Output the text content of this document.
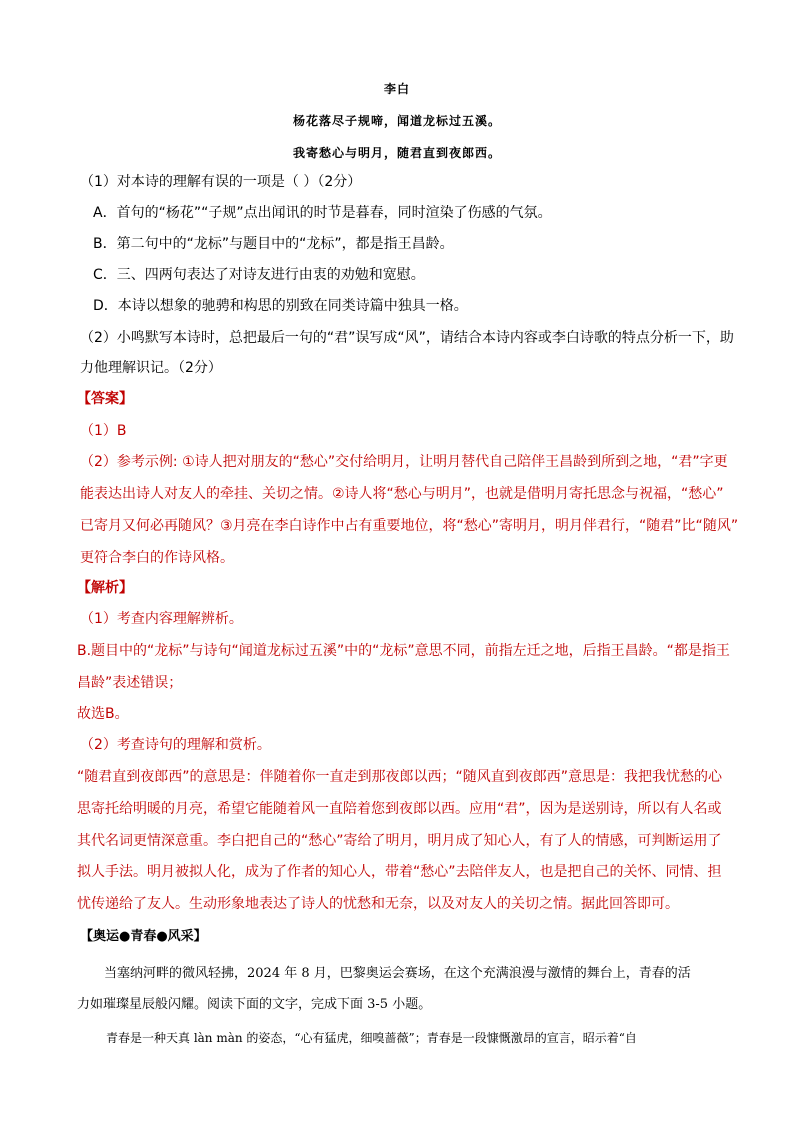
李白
杨花落尽子规啼，闻道龙标过五溪。
我寄愁心与明月，随君直到夜郎西。
（1）对本诗的理解有误的一项是（ ）（2分）
A．首句的“杨花”“子规”点出闻讯的时节是暮春，同时渲染了伤感的气氛。
B．第二句中的“龙标”与题目中的“龙标”，都是指王昌龄。
C．三、四两句表达了对诗友进行由衷的劝勉和宽慰。
D．本诗以想象的驰骋和构思的别致在同类诗篇中独具一格。
（2）小鸣默写本诗时，总把最后一句的“君”误写成“风”，请结合本诗内容或李白诗歌的特点分析一下，助
力他理解识记。（2分）
【答案】
（1）B
（2）参考示例: ①诗人把对朋友的“愁心”交付给明月，让明月替代自己陪伴王昌龄到所到之地，“君”字更
能表达出诗人对友人的牵挂、关切之情。②诗人将“愁心与明月”，也就是借明月寄托思念与祝福，“愁心”
已寄月又何必再随风？③月亮在李白诗作中占有重要地位，将“愁心”寄明月，明月伴君行，“随君”比“随风”
更符合李白的作诗风格。
【解析】
（1）考查内容理解辨析。
B.题目中的“龙标”与诗句“闻道龙标过五溪”中的“龙标”意思不同，前指左迁之地，后指王昌龄。“都是指王
昌龄”表述错误；
故选B。
（2）考查诗句的理解和赏析。
“随君直到夜郎西”的意思是：伴随着你一直走到那夜郎以西；“随风直到夜郎西”意思是：我把我忧愁的心
思寄托给明暖的月亮，希望它能随着风一直陪着您到夜郎以西。应用“君”，因为是送别诗，所以有人名或
其代名词更情深意重。李白把自己的“愁心”寄给了明月，明月成了知心人，有了人的情感，可判断运用了
拟人手法。明月被拟人化，成为了作者的知心人，带着“愁心”去陪伴友人，也是把自己的关怀、同情、担
忧传递给了友人。生动形象地表达了诗人的忧愁和无奈，以及对友人的关切之情。据此回答即可。
【奥运●青春●风采】
当塞纳河畔的微风轻拂，2024 年 8 月，巴黎奥运会赛场，在这个充满浪漫与激情的舞台上，青春的活
力如璀璨星辰般闪耀。阅读下面的文字，完成下面 3-5 小题。
青春是一种天真 làn màn 的姿态，“心有猛虎，细嗅蔷薇”；青春是一段慷慨激昂的宣言，昭示着“自
